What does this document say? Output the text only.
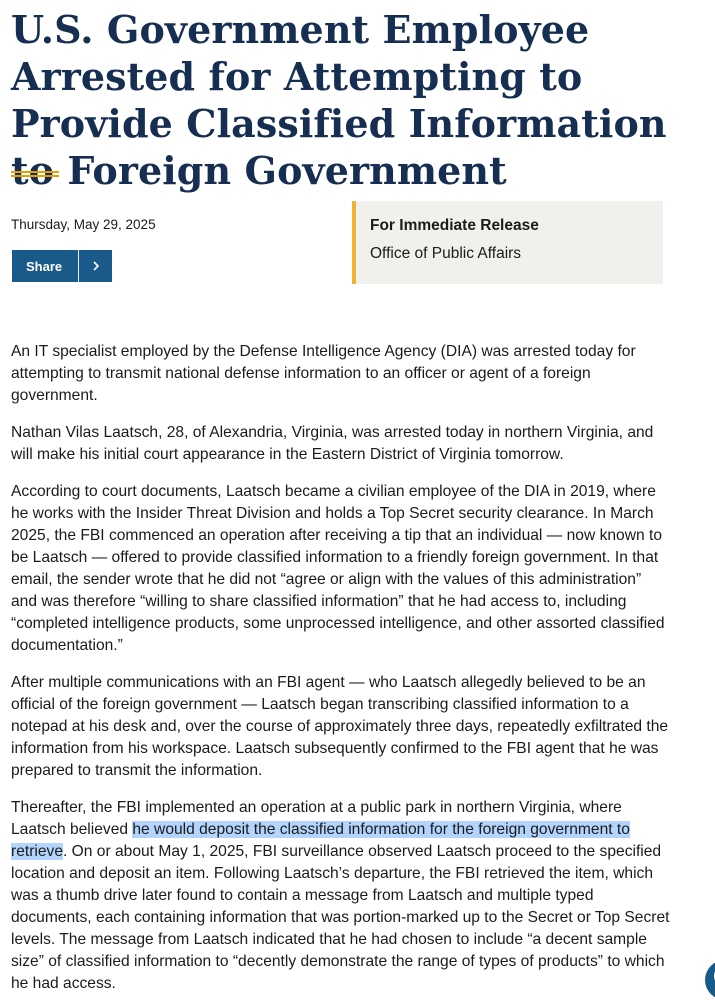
U.S. Government Employee Arrested for Attempting to Provide Classified Information to Foreign Government
Thursday, May 29, 2025
Share
For Immediate Release
Office of Public Affairs

An IT specialist employed by the Defense Intelligence Agency (DIA) was arrested today for attempting to transmit national defense information to an officer or agent of a foreign government.

Nathan Vilas Laatsch, 28, of Alexandria, Virginia, was arrested today in northern Virginia, and will make his initial court appearance in the Eastern District of Virginia tomorrow.

According to court documents, Laatsch became a civilian employee of the DIA in 2019, where he works with the Insider Threat Division and holds a Top Secret security clearance. In March 2025, the FBI commenced an operation after receiving a tip that an individual — now known to be Laatsch — offered to provide classified information to a friendly foreign government. In that email, the sender wrote that he did not “agree or align with the values of this administration” and was therefore “willing to share classified information” that he had access to, including “completed intelligence products, some unprocessed intelligence, and other assorted classified documentation.”

After multiple communications with an FBI agent — who Laatsch allegedly believed to be an official of the foreign government — Laatsch began transcribing classified information to a notepad at his desk and, over the course of approximately three days, repeatedly exfiltrated the information from his workspace. Laatsch subsequently confirmed to the FBI agent that he was prepared to transmit the information.

Thereafter, the FBI implemented an operation at a public park in northern Virginia, where Laatsch believed he would deposit the classified information for the foreign government to retrieve. On or about May 1, 2025, FBI surveillance observed Laatsch proceed to the specified location and deposit an item. Following Laatsch’s departure, the FBI retrieved the item, which was a thumb drive later found to contain a message from Laatsch and multiple typed documents, each containing information that was portion-marked up to the Secret or Top Secret levels. The message from Laatsch indicated that he had chosen to include “a decent sample size” of classified information to “decently demonstrate the range of types of products” to which he had access.
